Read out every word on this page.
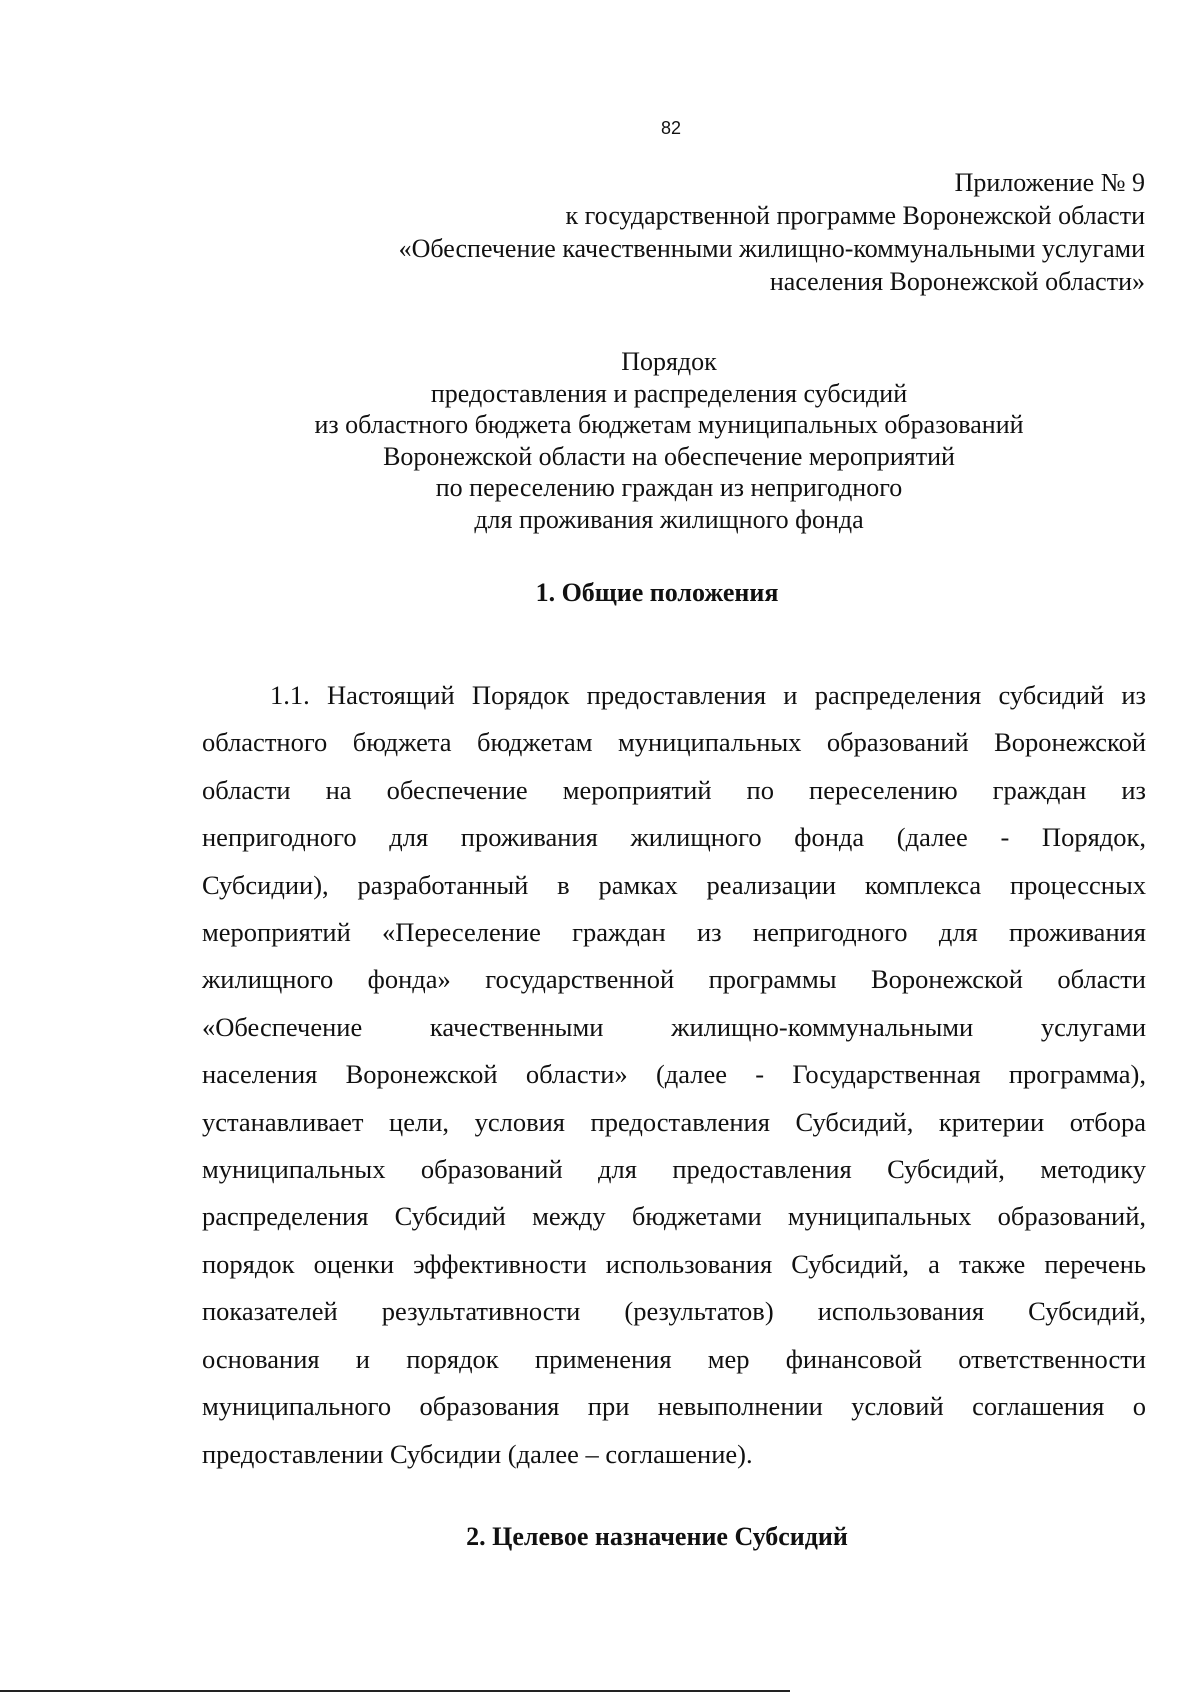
82
Приложение № 9
к государственной программе Воронежской области
«Обеспечение качественными жилищно-коммунальными услугами
населения Воронежской области»
Порядок
предоставления и распределения субсидий
из областного бюджета бюджетам муниципальных образований
Воронежской области на обеспечение мероприятий
по переселению граждан из непригодного
для проживания жилищного фонда
1. Общие положения
1.1. Настоящий Порядок предоставления и распределения субсидий из
областного бюджета бюджетам муниципальных образований Воронежской
области на обеспечение мероприятий по переселению граждан из
непригодного для проживания жилищного фонда (далее - Порядок,
Субсидии), разработанный в рамках реализации комплекса процессных
мероприятий «Переселение граждан из непригодного для проживания
жилищного фонда» государственной программы Воронежской области
«Обеспечение качественными жилищно-коммунальными услугами
населения Воронежской области» (далее - Государственная программа),
устанавливает цели, условия предоставления Субсидий, критерии отбора
муниципальных образований для предоставления Субсидий, методику
распределения Субсидий между бюджетами муниципальных образований,
порядок оценки эффективности использования Субсидий, а также перечень
показателей результативности (результатов) использования Субсидий,
основания и порядок применения мер финансовой ответственности
муниципального образования при невыполнении условий соглашения о
предоставлении Субсидии (далее – соглашение).
2. Целевое назначение Субсидий
